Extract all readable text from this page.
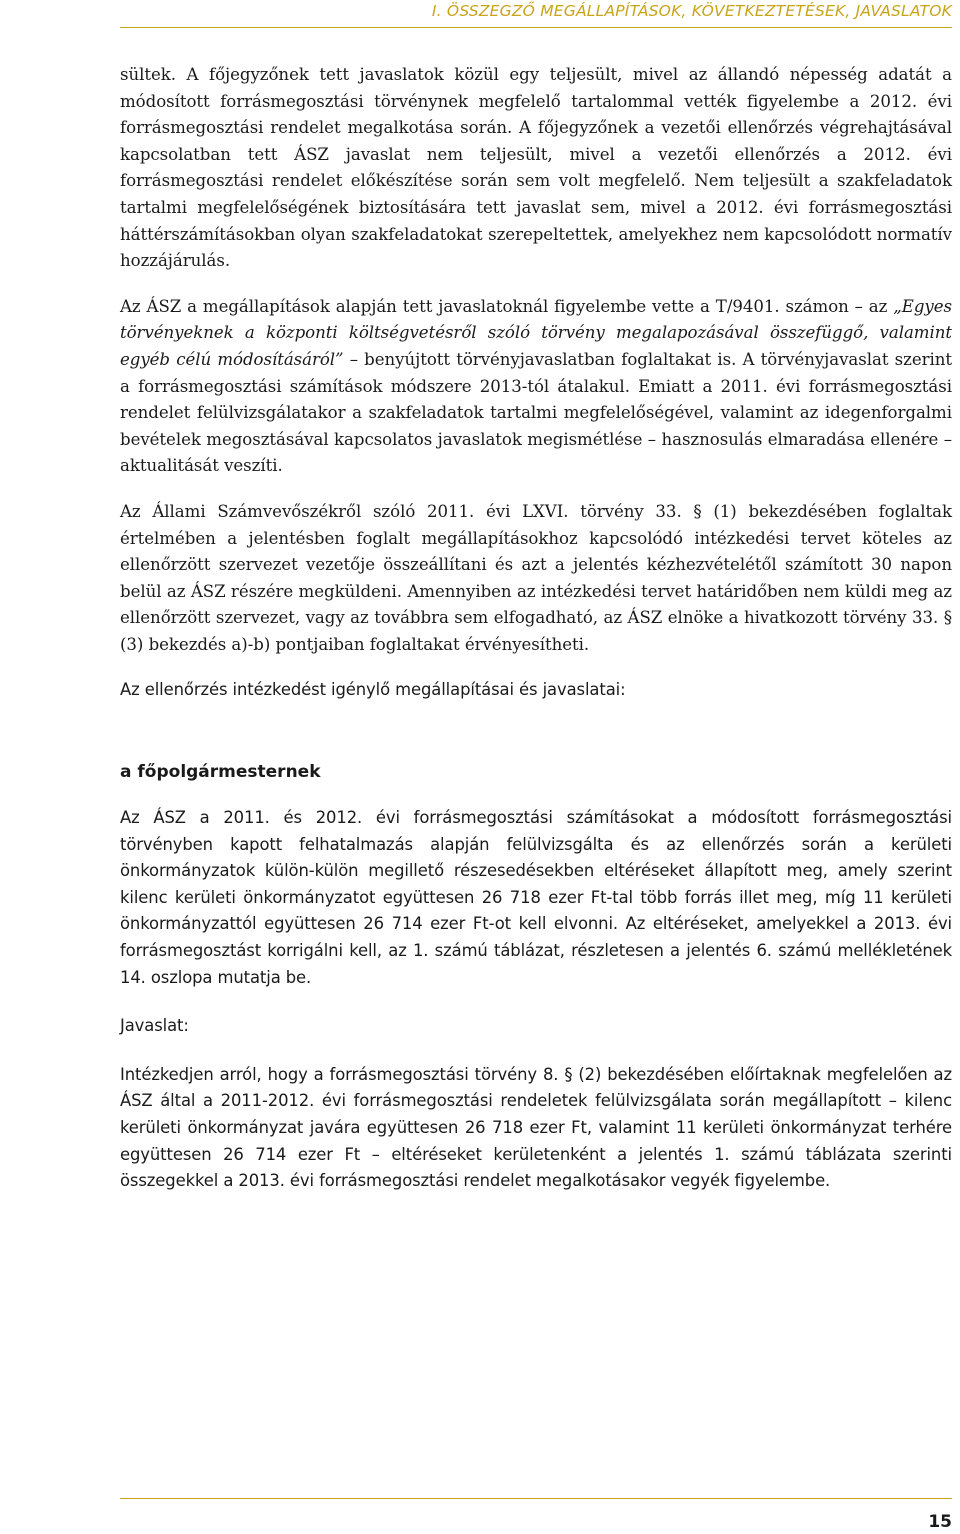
I. ÖSSZEGZŐ MEGÁLLAPÍTÁSOK, KÖVETKEZTETÉSEK, JAVASLATOK

sültek. A főjegyzőnek tett javaslatok közül egy teljesült, mivel az állandó népesség adatát a módosított forrásmegosztási törvénynek megfelelő tartalommal vették figyelembe a 2012. évi forrásmegosztási rendelet megalkotása során. A főjegyzőnek a vezetői ellenőrzés végrehajtásával kapcsolatban tett ÁSZ javaslat nem teljesült, mivel a vezetői ellenőrzés a 2012. évi forrásmegosztási rendelet előkészítése során sem volt megfelelő. Nem teljesült a szakfeladatok tartalmi megfelelőségének biztosítására tett javaslat sem, mivel a 2012. évi forrásmegosztási háttérszámításokban olyan szakfeladatokat szerepeltettek, amelyekhez nem kapcsolódott normatív hozzájárulás.

Az ÁSZ a megállapítások alapján tett javaslatoknál figyelembe vette a T/9401. számon – az „Egyes törvényeknek a központi költségvetésről szóló törvény megalapozásával összefüggő, valamint egyéb célú módosításáról” – benyújtott törvényjavaslatban foglaltakat is. A törvényjavaslat szerint a forrásmegosztási számítások módszere 2013-tól átalakul. Emiatt a 2011. évi forrásmegosztási rendelet felülvizsgálatakor a szakfeladatok tartalmi megfelelőségével, valamint az idegenforgalmi bevételek megosztásával kapcsolatos javaslatok megismétlése – hasznosulás elmaradása ellenére – aktualitását veszíti.

Az Állami Számvevőszékről szóló 2011. évi LXVI. törvény 33. § (1) bekezdésében foglaltak értelmében a jelentésben foglalt megállapításokhoz kapcsolódó intézkedési tervet köteles az ellenőrzött szervezet vezetője összeállítani és azt a jelentés kézhezvételétől számított 30 napon belül az ÁSZ részére megküldeni. Amennyiben az intézkedési tervet határidőben nem küldi meg az ellenőrzött szervezet, vagy az továbbra sem elfogadható, az ÁSZ elnöke a hivatkozott törvény 33. § (3) bekezdés a)-b) pontjaiban foglaltakat érvényesítheti.

Az ellenőrzés intézkedést igénylő megállapításai és javaslatai:

a főpolgármesternek

Az ÁSZ a 2011. és 2012. évi forrásmegosztási számításokat a módosított forrásmegosztási törvényben kapott felhatalmazás alapján felülvizsgálta és az ellenőrzés során a kerületi önkormányzatok külön-külön megillető részesedésekben eltéréseket állapított meg, amely szerint kilenc kerületi önkormányzatot együttesen 26 718 ezer Ft-tal több forrás illet meg, míg 11 kerületi önkormányzattól együttesen 26 714 ezer Ft-ot kell elvonni. Az eltéréseket, amelyekkel a 2013. évi forrásmegosztást korrigálni kell, az 1. számú táblázat, részletesen a jelentés 6. számú mellékletének 14. oszlopa mutatja be.

Javaslat:

Intézkedjen arról, hogy a forrásmegosztási törvény 8. § (2) bekezdésében előírtaknak megfelelően az ÁSZ által a 2011-2012. évi forrásmegosztási rendeletek felülvizsgálata során megállapított – kilenc kerületi önkormányzat javára együttesen 26 718 ezer Ft, valamint 11 kerületi önkormányzat terhére együttesen 26 714 ezer Ft – eltéréseket kerületenként a jelentés 1. számú táblázata szerinti összegekkel a 2013. évi forrásmegosztási rendelet megalkotásakor vegyék figyelembe.

15
